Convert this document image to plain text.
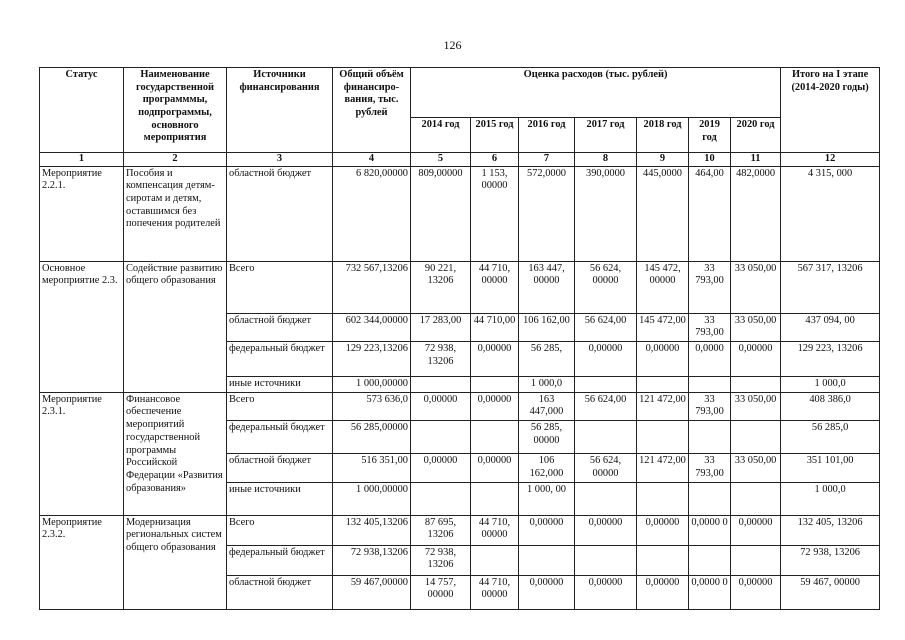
126
Статус	Наименование государственной программмы, подпрограммы, основного мероприятия	Источники финансирования	Общий объём финансиро-вания, тыс. рублей	Оценка расходов (тыс. рублей)							Итого на I этапе (2014-2020 годы)
				2014 год	2015 год	2016 год	2017 год	2018 год	2019 год	2020 год	
1	2	3	4	5	6	7	8	9	10	11	12
Мероприятие 2.2.1.	Пособия и компенсация детям-сиротам и детям, оставшимся без попечения родителей	областной бюджет	6 820,00000	809,00000	1 153, 00000	572,0000	390,0000	445,0000	464,00	482,0000	4 315, 000
Основное мероприятие 2.3.	Содействие развитию общего образования	Всего	732 567,13206	90 221, 13206	44 710, 00000	163 447, 00000	56 624, 00000	145 472, 00000	33 793,00	33 050,00	567 317, 13206
		областной бюджет	602 344,00000	17 283,00	44 710,00	106 162,00	56 624,00	145 472,00	33 793,00	33 050,00	437 094, 00
		федеральный бюджет	129 223,13206	72 938, 13206	0,00000	56 285,	0,00000	0,00000	0,0000	0,00000	129 223, 13206
		иные источники	1 000,00000			1 000,0					1 000,0
Мероприятие 2.3.1.	Финансовое обеспечение мероприятий государственной программы Российской Федерации «Развития образования»	Всего	573 636,0	0,00000	0,00000	163 447,000	56 624,00	121 472,00	33 793,00	33 050,00	408 386,0
		федеральный бюджет	56 285,00000			56 285, 00000					56 285,0
		областной бюджет	516 351,00	0,00000	0,00000	106 162,000	56 624, 00000	121 472,00	33 793,00	33 050,00	351 101,00
		иные источники	1 000,00000			1 000, 00					1 000,0
Мероприятие 2.3.2.	Модернизация региональных систем общего образования	Всего	132 405,13206	87 695, 13206	44 710, 00000	0,00000	0,00000	0,00000	0,0000 0	0,00000	132 405, 13206
		федеральный бюджет	72 938,13206	72 938, 13206							72 938, 13206
		областной бюджет	59 467,00000	14 757, 00000	44 710, 00000	0,00000	0,00000	0,00000	0,0000 0	0,00000	59 467, 00000
